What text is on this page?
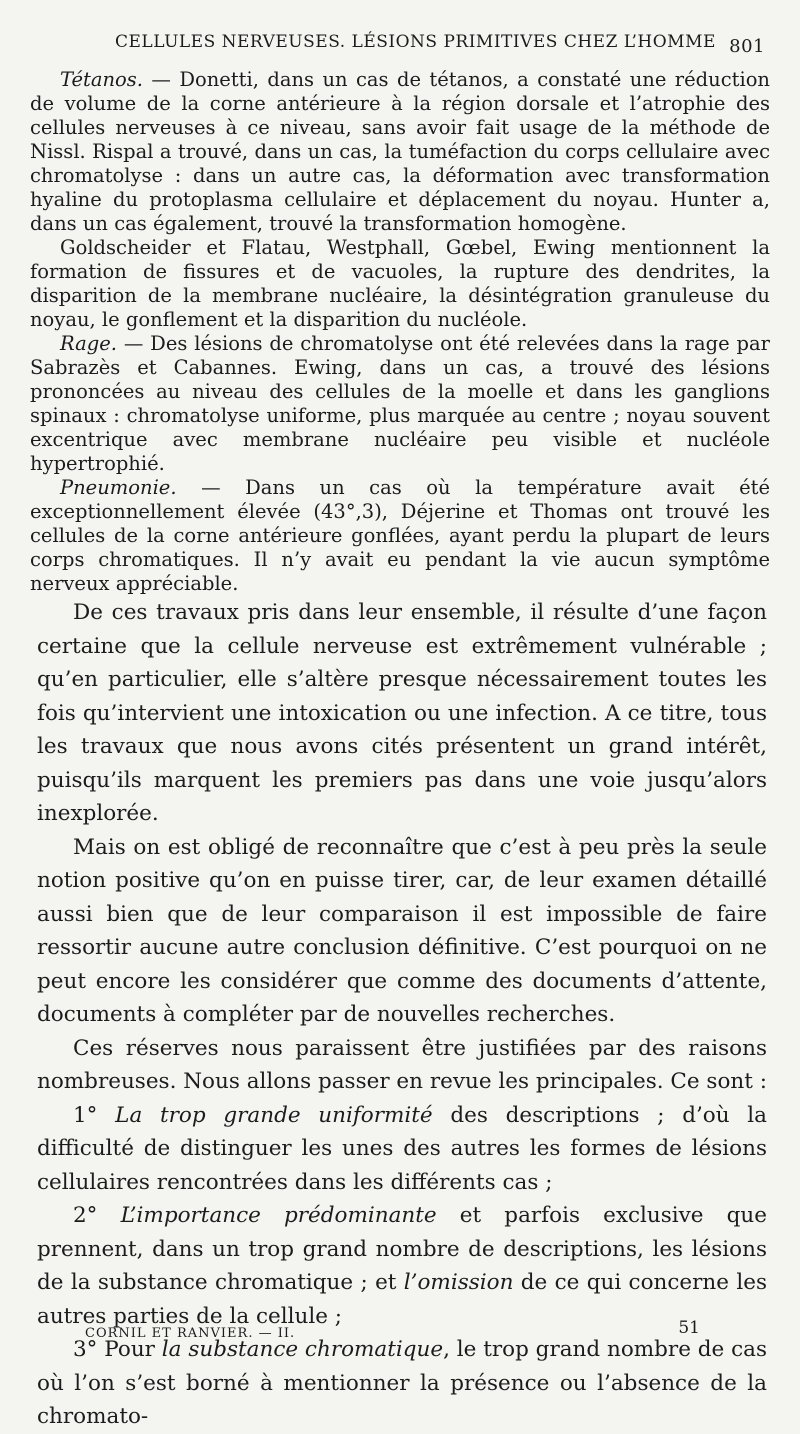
CELLULES NERVEUSES. LÉSIONS PRIMITIVES CHEZ L’HOMME 801

Tétanos. — Donetti, dans un cas de tétanos, a constaté une réduction de volume de la corne antérieure à la région dorsale et l’atrophie des cellules nerveuses à ce niveau, sans avoir fait usage de la méthode de Nissl. Rispal a trouvé, dans un cas, la tuméfaction du corps cellulaire avec chromatolyse : dans un autre cas, la déformation avec transformation hyaline du protoplasma cellulaire et déplacement du noyau. Hunter a, dans un cas également, trouvé la transformation homogène.

Goldscheider et Flatau, Westphall, Gœbel, Ewing mentionnent la formation de fissures et de vacuoles, la rupture des dendrites, la disparition de la membrane nucléaire, la désintégration granuleuse du noyau, le gonflement et la disparition du nucléole.

Rage. — Des lésions de chromatolyse ont été relevées dans la rage par Sabrazès et Cabannes. Ewing, dans un cas, a trouvé des lésions prononcées au niveau des cellules de la moelle et dans les ganglions spinaux : chromatolyse uniforme, plus marquée au centre ; noyau souvent excentrique avec membrane nucléaire peu visible et nucléole hypertrophié.

Pneumonie. — Dans un cas où la température avait été exceptionnellement élevée (43°,3), Déjerine et Thomas ont trouvé les cellules de la corne antérieure gonflées, ayant perdu la plupart de leurs corps chromatiques. Il n’y avait eu pendant la vie aucun symptôme nerveux appréciable.

De ces travaux pris dans leur ensemble, il résulte d’une façon certaine que la cellule nerveuse est extrêmement vulnérable ; qu’en particulier, elle s’altère presque nécessairement toutes les fois qu’intervient une intoxication ou une infection. A ce titre, tous les travaux que nous avons cités présentent un grand intérêt, puisqu’ils marquent les premiers pas dans une voie jusqu’alors inexplorée.

Mais on est obligé de reconnaître que c’est à peu près la seule notion positive qu’on en puisse tirer, car, de leur examen détaillé aussi bien que de leur comparaison il est impossible de faire ressortir aucune autre conclusion définitive. C’est pourquoi on ne peut encore les considérer que comme des documents d’attente, documents à compléter par de nouvelles recherches.

Ces réserves nous paraissent être justifiées par des raisons nombreuses. Nous allons passer en revue les principales. Ce sont :

1° La trop grande uniformité des descriptions ; d’où la difficulté de distinguer les unes des autres les formes de lésions cellulaires rencontrées dans les différents cas ;

2° L’importance prédominante et parfois exclusive que prennent, dans un trop grand nombre de descriptions, les lésions de la substance chromatique ; et l’omission de ce qui concerne les autres parties de la cellule ;

3° Pour la substance chromatique, le trop grand nombre de cas où l’on s’est borné à mentionner la présence ou l’absence de la chromato-

CORNIL ET RANVIER. — II.	51
